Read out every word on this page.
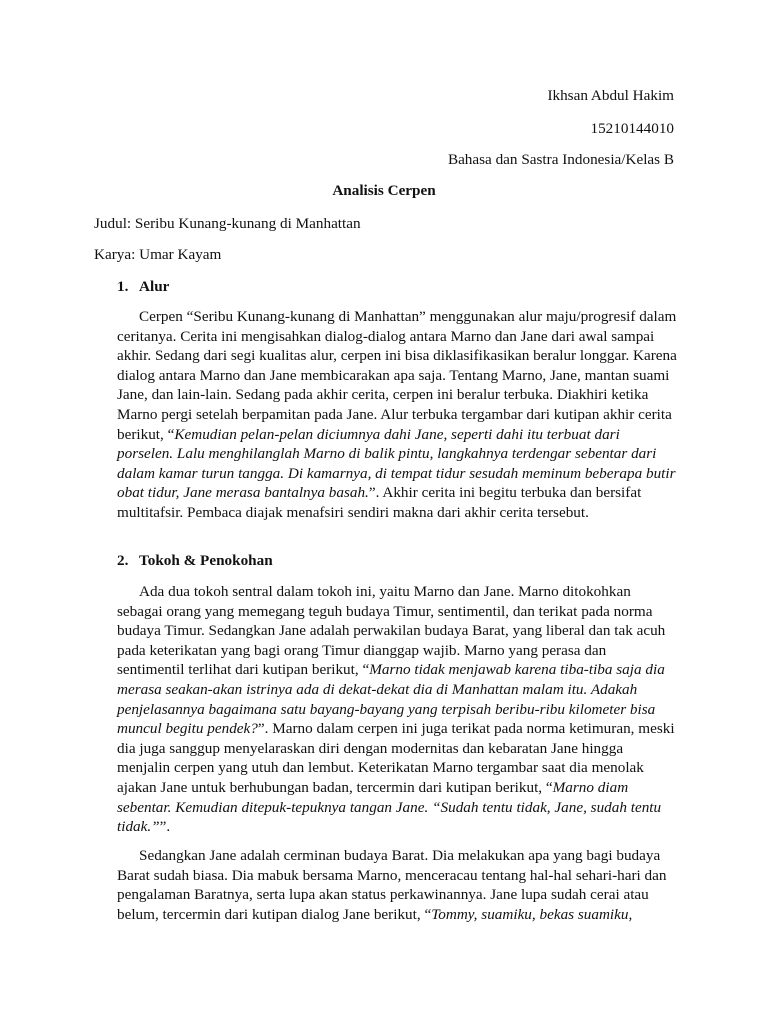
Ikhsan Abdul Hakim
15210144010
Bahasa dan Sastra Indonesia/Kelas B
Analisis Cerpen
Judul: Seribu Kunang-kunang di Manhattan
Karya: Umar Kayam
1. Alur
Cerpen “Seribu Kunang-kunang di Manhattan” menggunakan alur maju/progresif dalam ceritanya. Cerita ini mengisahkan dialog-dialog antara Marno dan Jane dari awal sampai akhir. Sedang dari segi kualitas alur, cerpen ini bisa diklasifikasikan beralur longgar. Karena dialog antara Marno dan Jane membicarakan apa saja. Tentang Marno, Jane, mantan suami Jane, dan lain-lain. Sedang pada akhir cerita, cerpen ini beralur terbuka. Diakhiri ketika Marno pergi setelah berpamitan pada Jane. Alur terbuka tergambar dari kutipan akhir cerita berikut, “Kemudian pelan-pelan diciumnya dahi Jane, seperti dahi itu terbuat dari porselen. Lalu menghilanglah Marno di balik pintu, langkahnya terdengar sebentar dari dalam kamar turun tangga. Di kamarnya, di tempat tidur sesudah meminum beberapa butir obat tidur, Jane merasa bantalnya basah.”. Akhir cerita ini begitu terbuka dan bersifat multitafsir. Pembaca diajak menafsiri sendiri makna dari akhir cerita tersebut.
2. Tokoh & Penokohan
Ada dua tokoh sentral dalam tokoh ini, yaitu Marno dan Jane. Marno ditokohkan sebagai orang yang memegang teguh budaya Timur, sentimentil, dan terikat pada norma budaya Timur. Sedangkan Jane adalah perwakilan budaya Barat, yang liberal dan tak acuh pada keterikatan yang bagi orang Timur dianggap wajib. Marno yang perasa dan sentimentil terlihat dari kutipan berikut, “Marno tidak menjawab karena tiba-tiba saja dia merasa seakan-akan istrinya ada di dekat-dekat dia di Manhattan malam itu. Adakah penjelasannya bagaimana satu bayang-bayang yang terpisah beribu-ribu kilometer bisa muncul begitu pendek?”. Marno dalam cerpen ini juga terikat pada norma ketimuran, meski dia juga sanggup menyelaraskan diri dengan modernitas dan kebaratan Jane hingga menjalin cerpen yang utuh dan lembut. Keterikatan Marno tergambar saat dia menolak ajakan Jane untuk berhubungan badan, tercermin dari kutipan berikut, “Marno diam sebentar. Kemudian ditepuk-tepuknya tangan Jane. “Sudah tentu tidak, Jane, sudah tentu tidak.””.
Sedangkan Jane adalah cerminan budaya Barat. Dia melakukan apa yang bagi budaya Barat sudah biasa. Dia mabuk bersama Marno, menceracau tentang hal-hal sehari-hari dan pengalaman Baratnya, serta lupa akan status perkawinannya. Jane lupa sudah cerai atau belum, tercermin dari kutipan dialog Jane berikut, “Tommy, suamiku, bekas suamiku,
